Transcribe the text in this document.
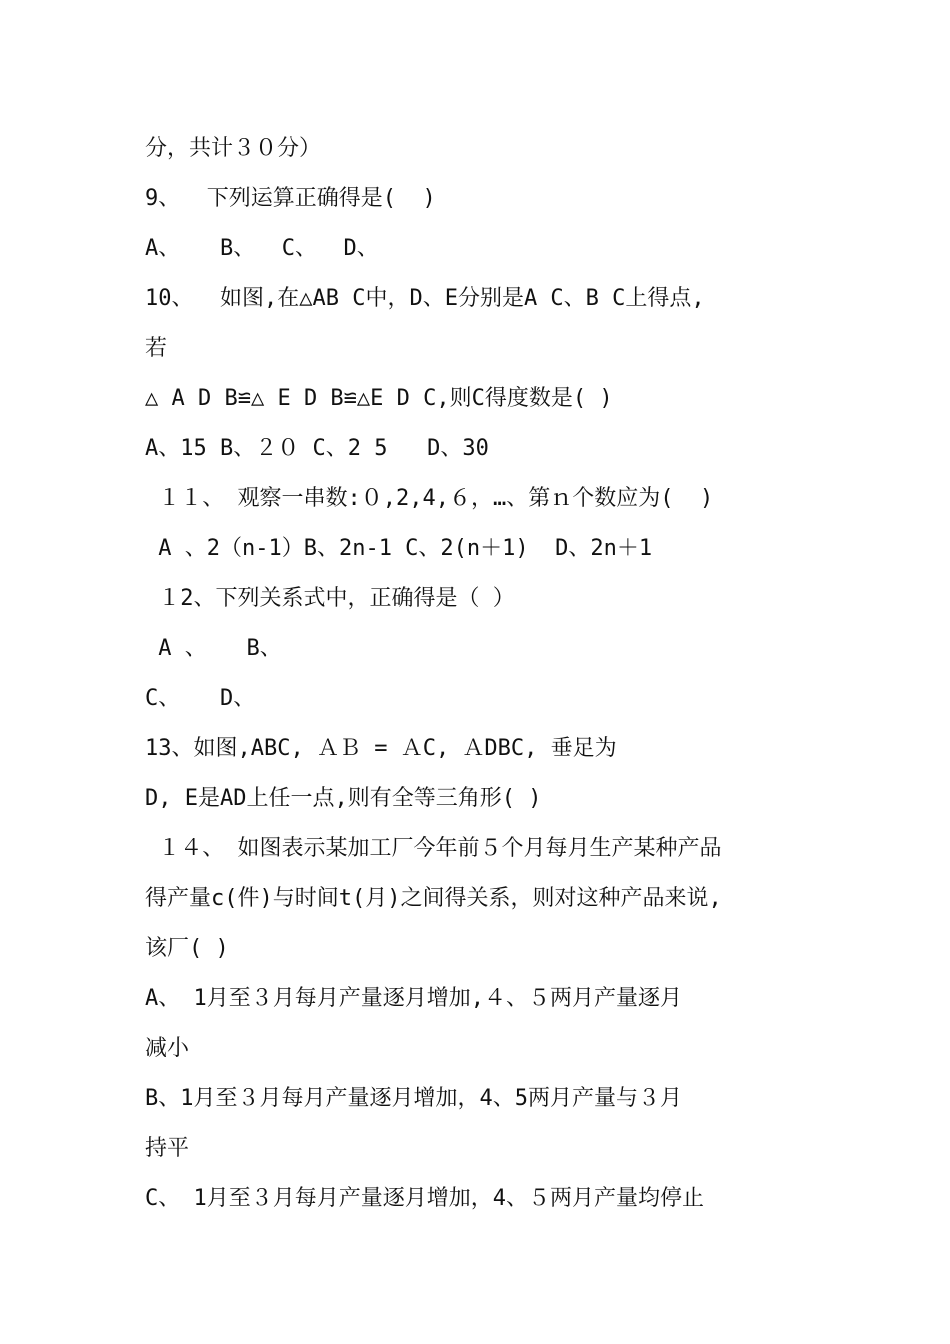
分，共计３０分）
9、  下列运算正确得是(  )
A、   B、  C、  D、
10、  如图,在△AB C中，D、E分别是A C、B C上得点,
若
△ A D B≌△ E D B≌△E D C,则C得度数是( )
A、15 B、２０ C、2 5   D、30
１１、 观察一串数:０,2,4,６，…、第ｎ个数应为(  )
A 、2（n-1）B、2n-1 C、2(n＋1)  D、2n＋1
１2、下列关系式中，正确得是（ ）
A 、   B、
C、   D、
13、如图,ABC, ＡＢ = ＡC, ＡDBC, 垂足为
D, E是AD上任一点,则有全等三角形( )
１４、 如图表示某加工厂今年前５个月每月生产某种产品
得产量c(件)与时间t(月)之间得关系，则对这种产品来说,
该厂( )
A、 1月至３月每月产量逐月增加,４、５两月产量逐月
减小
B、1月至３月每月产量逐月增加，4、5两月产量与３月
持平
C、 1月至３月每月产量逐月增加，4、５两月产量均停止
